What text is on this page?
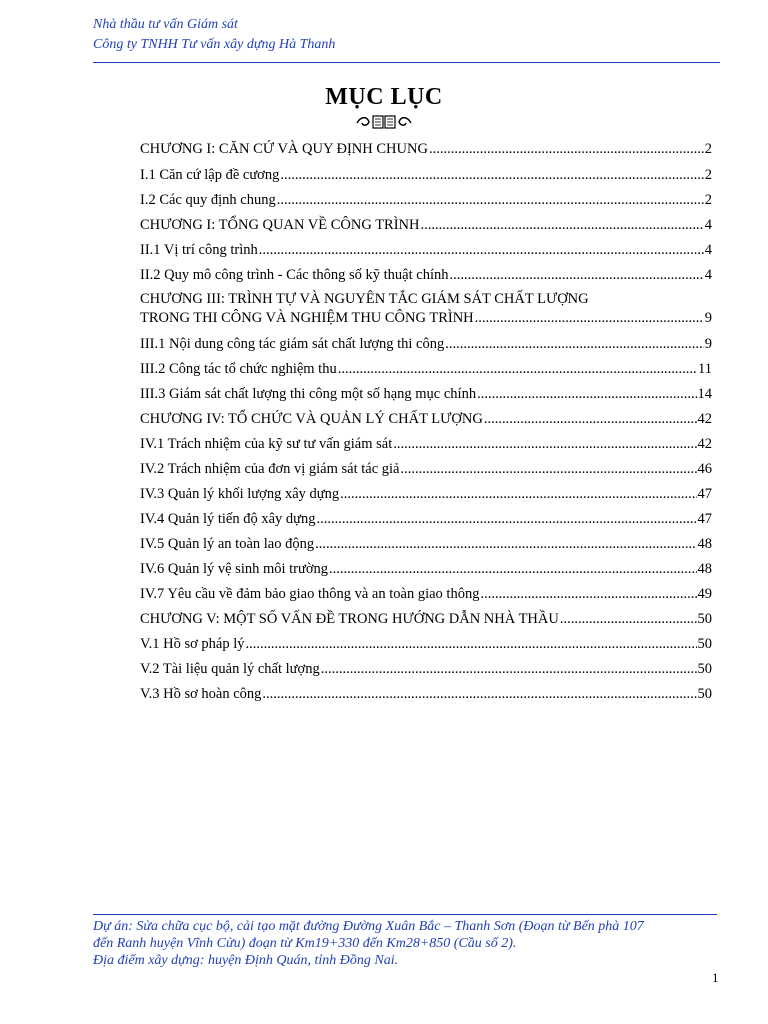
Nhà thầu tư vấn Giám sát
Công ty TNHH Tư vấn xây dựng Hà Thanh
MỤC LỤC
CHƯƠNG I: CĂN CỨ VÀ QUY ĐỊNH CHUNG .....	2
I.1 Căn cứ lập đề cương .....	2
I.2 Các quy định chung .....	2
CHƯƠNG I: TỔNG QUAN VỀ CÔNG TRÌNH .....	4
II.1 Vị trí công trình .....	4
II.2 Quy mô công trình - Các thông số kỹ thuật chính .....	4
CHƯƠNG III: TRÌNH TỰ VÀ NGUYÊN TẮC GIÁM SÁT CHẤT LƯỢNG
TRONG THI CÔNG VÀ NGHIỆM THU CÔNG TRÌNH .....	9
III.1 Nội dung công tác giám sát chất lượng thi công .....	9
III.2 Công tác tổ chức nghiệm thu .....	11
III.3 Giám sát chất lượng thi công một số hạng mục chính .....	14
CHƯƠNG IV: TỔ CHỨC VÀ QUẢN LÝ CHẤT LƯỢNG .....	42
IV.1 Trách nhiệm của kỹ sư tư vấn giám sát .....	42
IV.2 Trách nhiệm của đơn vị giám sát tác giả .....	46
IV.3 Quản lý khối lượng xây dựng .....	47
IV.4 Quản lý tiến độ xây dựng .....	47
IV.5 Quản lý an toàn lao động .....	48
IV.6 Quản lý vệ sinh môi trường .....	48
IV.7 Yêu cầu về đảm bảo giao thông và an toàn giao thông .....	49
CHƯƠNG V: MỘT SỐ VẤN ĐỀ TRONG HƯỚNG DẪN NHÀ THẦU .....	50
V.1 Hồ sơ pháp lý .....	50
V.2 Tài liệu quản lý chất lượng .....	50
V.3 Hồ sơ hoàn công .....	50
Dự án: Sửa chữa cục bộ, cải tạo mặt đường Đường Xuân Bắc – Thanh Sơn (Đoạn từ Bến phà 107
đến Ranh huyện Vĩnh Cửu) đoạn từ Km19+330 đến Km28+850 (Cầu số 2).
Địa điểm xây dựng: huyện Định Quán, tỉnh Đồng Nai.
1
